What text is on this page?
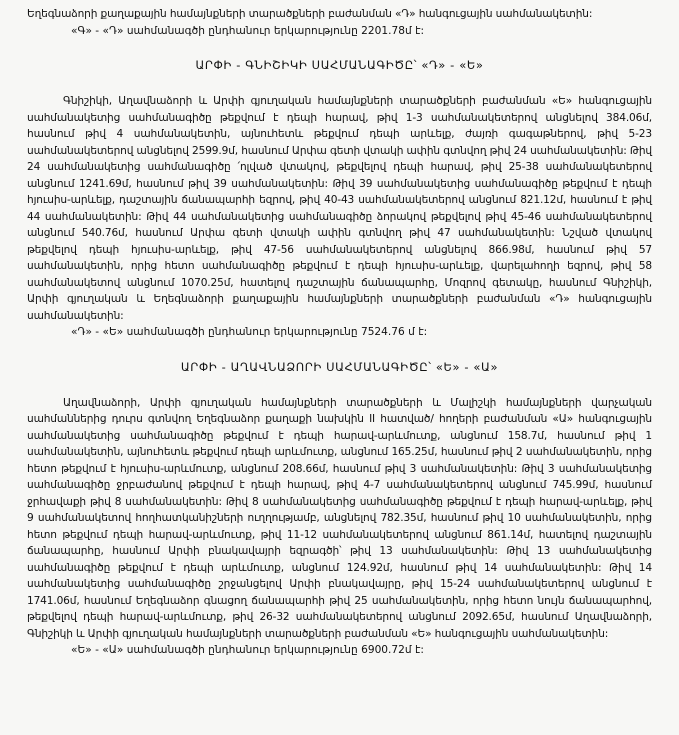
Եղեգնաձորի քաղաքային համայնքների տարածքների բաժանման «Դ» հանգուցային սահմանակետին:

«Գ» - «Դ» սահմանագծի ընդհանուր երկարությունը 2201.78մ է:

ԱՐՓԻ - ԳՆԻՇԻԿԻ ՍԱՀՄԱՆԱԳԻԾԸ՝ «Դ» - «Ե»

Գնիշիկի, Աղավնաձորի և Արփի գյուղական համայնքների տարածքների բաժանման «Ե» հանգուցային սահմանակետից սահմանագիծը թեքվում է դեպի հարավ, թիվ 1-3 սահմանակետերով անցնելով 384.06մ, հասնում թիվ 4 սահմանակետին, այնուհետև թեքվում դեպի արևելք, ժայռի գագաթներով, թիվ 5-23 սահմանակետերով անցնելով 2599.9մ, հասնում Արփա գետի վտակի ափին գտնվող թիվ 24 սահմանակետին: Թիվ 24 սահմանակետից սահմանագիծը ՛ոլված վտակով, թեքվելով դեպի հարավ, թիվ 25-38 սահմանակետերով անցնում 1241.69մ, հասնում թիվ 39 սահմանակետին: Թիվ 39 սահմանակետից սահմանագիծը թեքվում է դեպի հյուսիս-արևելք, դաշտային ճանապարհի եզրով, թիվ 40-43 սահմանակետերով անցնում 821.12մ, հասնում է թիվ 44 սահմանակետին: Թիվ 44 սահմանակետից սահմանագիծը ձորակով թեքվելով թիվ 45-46 սահմանակետերով անցնում 540.76մ, հասնում Արփա գետի վտակի ափին գտնվող թիվ 47 սահմանակետին: Նշված վտակով թեքվելով դեպի հյուսիս-արևելք, թիվ 47-56 սահմանակետերով անցնելով 866.98մ, հասնում թիվ 57 սահմանակետին, որից հետո սահմանագիծը թեքվում է դեպի հյուսիս-արևելք, վարելահողի եզրով, թիվ 58 սահմանակետով անցնում 1070.25մ, հատելով դաշտային ճանապարհը, Մոզրով գետակը, հասնում Գնիշիկի, Արփի գյուղական և Եղեգնաձորի քաղաքային համայնքների տարածքների բաժանման «Դ» հանգուցային սահմանակետին:

«Դ» - «Ե» սահմանագծի ընդհանուր երկարությունը 7524.76 մ է:

ԱՐՓԻ - ԱՂԱՎՆԱՁՈՐԻ ՍԱՀՄԱՆԱԳԻԾԸ՝ «Ե» - «Ա»

Աղավնաձորի, Արփի գյուղական համայնքների տարածքների և Մալիշկի համայնքների վարչական սահմաններից դուրս գտնվող Եղեգնաձոր քաղաքի նախկին II հատված/ հողերի բաժանման «Ա» հանգուցային սահմանակետից սահմանագիծը թեքվում է դեպի հարավ-արևմուտք, անցնում 158.7մ, հասնում թիվ 1 սահմանակետին, այնուհետև թեքվում դեպի արևմուտք, անցնում 165.25մ, հասնում թիվ 2 սահմանակետին, որից հետո թեքվում է հյուսիս-արևմուտք, անցնում 208.66մ, հասնում թիվ 3 սահմանակետին: Թիվ 3 սահմանակետից սահմանագիծը ջրբաժանով թեքվում է դեպի հարավ, թիվ 4-7 սահմանակետերով անցնում 745.99մ, հասնում ջրհավաքի թիվ 8 սահմանակետին: Թիվ 8 սահմանակետից սահմանագիծը թեքվում է դեպի հարավ-արևելք, թիվ 9 սահմանակետով հողհատկանիշների ուղղությամբ, անցնելով 782.35մ, հասնում թիվ 10 սահմանակետին, որից հետո թեքվում դեպի հարավ-արևմուտք, թիվ 11-12 սահմանակետերով անցնում 861.14մ, հատելով դաշտային ճանապարհը, հասնում Արփի բնակավայրի եզրագծի՝ թիվ 13 սահմանակետին: Թիվ 13 սահմանակետից սահմանագիծը թեքվում է դեպի արևմուտք, անցնում 124.92մ, հասնում թիվ 14 սահմանակետին: Թիվ 14 սահմանակետից սահմանագիծը շրջանցելով Արփի բնակավայրը, թիվ 15-24 սահմանակետերով անցնում է 1741.06մ, հասնում Եղեգնաձոր գնացող ճանապարհի թիվ 25 սահմանակետին, որից հետո նույն ճանապարհով, թեքվելով դեպի հարավ-արևմուտք, թիվ 26-32 սահմանակետերով անցնում 2092.65մ, հասնում Աղավնաձորի, Գնիշիկի և Արփի գյուղական համայնքների տարածքների բաժանման «Ե» հանգուցային սահմանակետին:

«Ե» - «Ա» սահմանագծի ընդհանուր երկարությունը 6900.72մ է:
